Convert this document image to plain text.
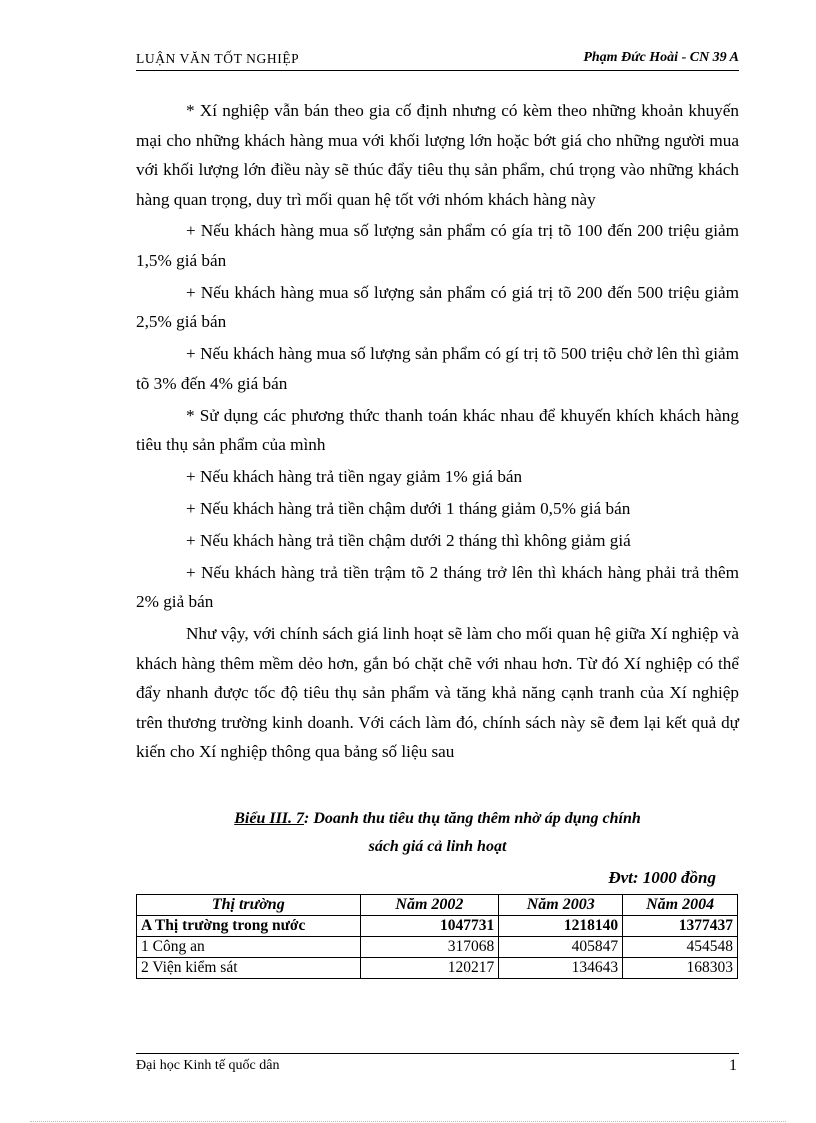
LUẬN VĂN TỐT NGHIỆP	Phạm Đức Hoài - CN 39 A

* Xí nghiệp vẫn bán theo gia cố định nhưng có kèm theo những khoản khuyến mại cho những khách hàng mua với khối lượng lớn hoặc bớt giá cho những người mua với khối lượng lớn điều này sẽ thúc đẩy tiêu thụ sản phẩm, chú trọng vào những khách hàng quan trọng, duy trì mối quan hệ tốt với nhóm khách hàng này

+ Nếu khách hàng mua số lượng sản phẩm có gía trị tõ 100 đến 200 triệu giảm 1,5% giá bán

+ Nếu khách hàng mua số lượng sản phẩm có giá trị tõ 200 đến 500 triệu giảm 2,5% giá bán

+ Nếu khách hàng mua số lượng sản phẩm có gí trị tõ 500 triệu chở lên thì giảm tõ 3% đến 4% giá bán

* Sử dụng các phương thức thanh toán khác nhau để khuyến khích khách hàng tiêu thụ sản phẩm của mình

+ Nếu khách hàng trả tiền ngay giảm 1% giá bán

+ Nếu khách hàng trả tiền chậm dưới 1 tháng giảm 0,5% giá bán

+ Nếu khách hàng trả tiền chậm dưới 2 tháng thì không giảm giá

+ Nếu khách hàng trả tiền trậm tõ 2 tháng trở lên thì khách hàng phải trả thêm 2% giả bán

Như vậy, với chính sách giá linh hoạt sẽ làm cho mối quan hệ giữa Xí nghiệp và khách hàng thêm mềm dẻo hơn, gắn bó chặt chẽ với nhau hơn. Từ đó Xí nghiệp có thể đẩy nhanh được tốc độ tiêu thụ sản phẩm và tăng khả năng cạnh tranh của Xí nghiệp trên thương trường kinh doanh. Với cách làm đó, chính sách này sẽ đem lại kết quả dự kiến cho Xí nghiệp thông qua bảng số liệu sau

Biểu III. 7: Doanh thu tiêu thụ tăng thêm nhờ áp dụng chính
sách giá cả linh hoạt
Đvt: 1000 đồng
Thị trường	Năm 2002	Năm 2003	Năm 2004
A Thị trường trong nước	1047731	1218140	1377437
1 Công an	317068	405847	454548
2 Viện kiểm sát	120217	134643	168303
Đại học Kinh tế quốc dân	1
